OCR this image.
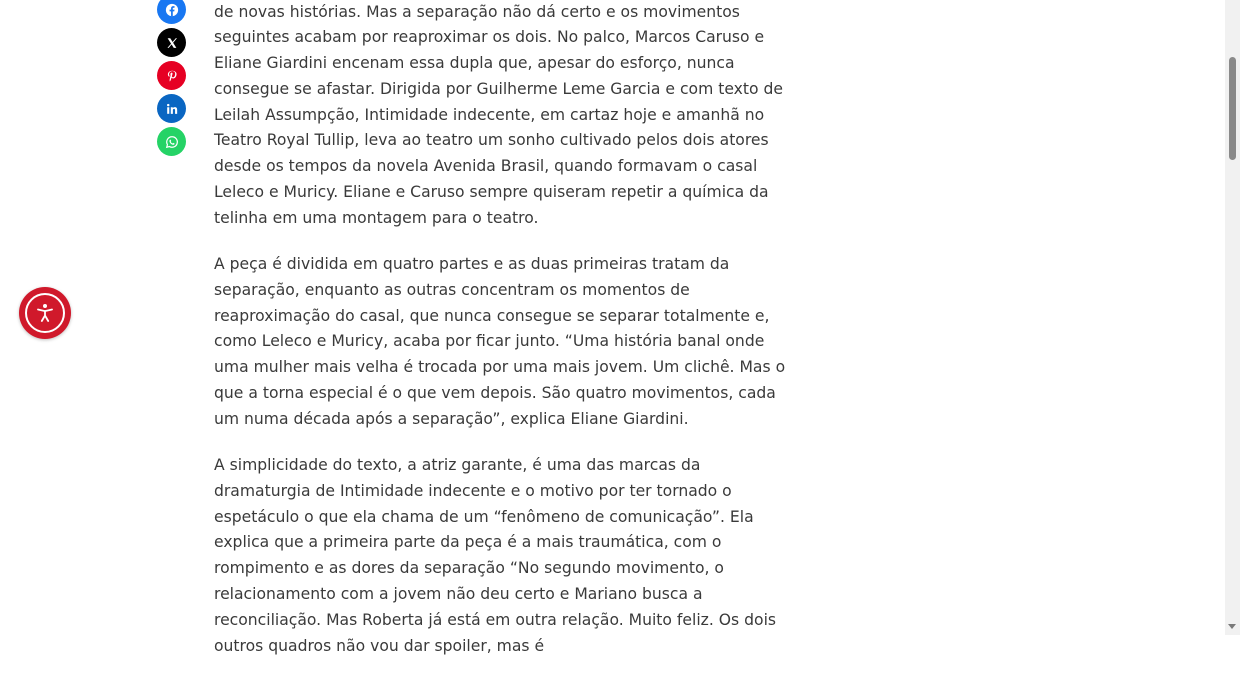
de novas histórias. Mas a separação não dá certo e os movimentos seguintes acabam por reaproximar os dois. No palco, Marcos Caruso e Eliane Giardini encenam essa dupla que, apesar do esforço, nunca consegue se afastar. Dirigida por Guilherme Leme Garcia e com texto de Leilah Assumpção, Intimidade indecente, em cartaz hoje e amanhã no Teatro Royal Tullip, leva ao teatro um sonho cultivado pelos dois atores desde os tempos da novela Avenida Brasil, quando formavam o casal Leleco e Muricy. Eliane e Caruso sempre quiseram repetir a química da telinha em uma montagem para o teatro.

A peça é dividida em quatro partes e as duas primeiras tratam da separação, enquanto as outras concentram os momentos de reaproximação do casal, que nunca consegue se separar totalmente e, como Leleco e Muricy, acaba por ficar junto. “Uma história banal onde uma mulher mais velha é trocada por uma mais jovem. Um clichê. Mas o que a torna especial é o que vem depois. São quatro movimentos, cada um numa década após a separação”, explica Eliane Giardini.

A simplicidade do texto, a atriz garante, é uma das marcas da dramaturgia de Intimidade indecente e o motivo por ter tornado o espetáculo o que ela chama de um “fenômeno de comunicação”. Ela explica que a primeira parte da peça é a mais traumática, com o rompimento e as dores da separação “No segundo movimento, o relacionamento com a jovem não deu certo e Mariano busca a reconciliação. Mas Roberta já está em outra relação. Muito feliz. Os dois outros quadros não vou dar spoiler, mas é
